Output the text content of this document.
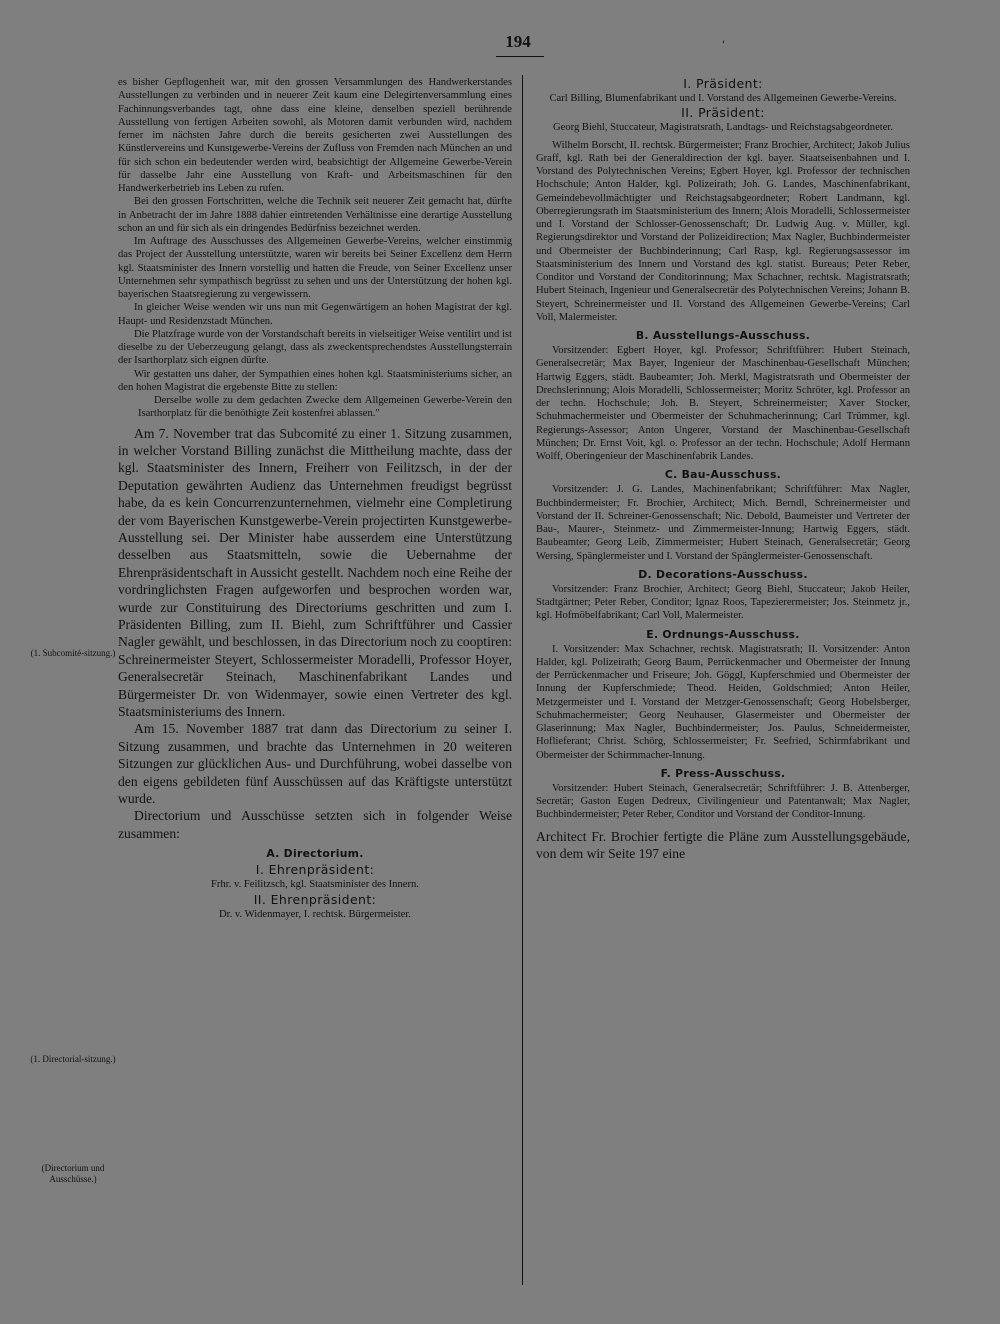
194	'
(1. Subcomité-sitzung.)
(1. Directorial-sitzung.)
(Directorium und Ausschüsse.)

es bisher Gepflogenheit war, mit den grossen Versammlungen des Handwerkerstandes Ausstellungen zu verbinden und in neuerer Zeit kaum eine Delegirtenversammlung eines Fachinnungsverbandes tagt, ohne dass eine kleine, denselben speziell berührende Ausstellung von fertigen Arbeiten sowohl, als Motoren damit verbunden wird, nachdem ferner im nächsten Jahre durch die bereits gesicherten zwei Ausstellungen des Künstlervereins und Kunstgewerbe-Vereins der Zufluss von Fremden nach München an und für sich schon ein bedeutender werden wird, beabsichtigt der Allgemeine Gewerbe-Verein für dasselbe Jahr eine Ausstellung von Kraft- und Arbeitsmaschinen für den Handwerkerbetrieb ins Leben zu rufen.

Bei den grossen Fortschritten, welche die Technik seit neuerer Zeit gemacht hat, dürfte in Anbetracht der im Jahre 1888 dahier eintretenden Verhältnisse eine derartige Ausstellung schon an und für sich als ein dringendes Bedürfniss bezeichnet werden.

Im Auftrage des Ausschusses des Allgemeinen Gewerbe-Vereins, welcher einstimmig das Project der Ausstellung unterstützte, waren wir bereits bei Seiner Excellenz dem Herrn kgl. Staatsminister des Innern vorstellig und hatten die Freude, von Seiner Excellenz unser Unternehmen sehr sympathisch begrüsst zu sehen und uns der Unterstützung der hohen kgl. bayerischen Staatsregierung zu vergewissern.

In gleicher Weise wenden wir uns nun mit Gegenwärtigem an hohen Magistrat der kgl. Haupt- und Residenzstadt München.

Die Platzfrage wurde von der Vorstandschaft bereits in vielseitiger Weise ventilirt und ist dieselbe zu der Ueberzeugung gelangt, dass als zweckentsprechendstes Ausstellungsterrain der Isarthorplatz sich eignen dürfte.

Wir gestatten uns daher, der Sympathien eines hohen kgl. Staatsministeriums sicher, an den hohen Magistrat die ergebenste Bitte zu stellen:

Derselbe wolle zu dem gedachten Zwecke dem Allgemeinen Gewerbe-Verein den Isarthorplatz für die benöthigte Zeit kostenfrei ablassen."

Am 7. November trat das Subcomité zu einer 1. Sitzung zusammen, in welcher Vorstand Billing zunächst die Mittheilung machte, dass der kgl. Staatsminister des Innern, Freiherr von Feilitzsch, in der der Deputation gewährten Audienz das Unternehmen freudigst begrüsst habe, da es kein Concurrenzunternehmen, vielmehr eine Completirung der vom Bayerischen Kunstgewerbe-Verein projectirten Kunstgewerbe-Ausstellung sei. Der Minister habe ausserdem eine Unterstützung desselben aus Staatsmitteln, sowie die Uebernahme der Ehrenpräsidentschaft in Aussicht gestellt. Nachdem noch eine Reihe der vordringlichsten Fragen aufgeworfen und besprochen worden war, wurde zur Constituirung des Directoriums geschritten und zum I. Präsidenten Billing, zum II. Biehl, zum Schriftführer und Cassier Nagler gewählt, und beschlossen, in das Directorium noch zu cooptiren: Schreinermeister Steyert, Schlossermeister Moradelli, Professor Hoyer, Generalsecretär Steinach, Maschinenfabrikant Landes und Bürgermeister Dr. von Widenmayer, sowie einen Vertreter des kgl. Staatsministeriums des Innern.

Am 15. November 1887 trat dann das Directorium zu seiner I. Sitzung zusammen, und brachte das Unternehmen in 20 weiteren Sitzungen zur glücklichen Aus- und Durchführung, wobei dasselbe von den eigens gebildeten fünf Ausschüssen auf das Kräftigste unterstützt wurde.

Directorium und Ausschüsse setzten sich in folgender Weise zusammen:

A. Directorium.
I. Ehrenpräsident:

Frhr. v. Feilitzsch, kgl. Staatsminister des Innern.

II. Ehrenpräsident:

Dr. v. Widenmayer, I. rechtsk. Bürgermeister.

I. Präsident:

Carl Billing, Blumenfabrikant und I. Vorstand des Allgemeinen Gewerbe-Vereins.

II. Präsident:

Georg Biehl, Stuccateur, Magistratsrath, Landtags- und Reichstagsabgeordneter.

Wilhelm Borscht, II. rechtsk. Bürgermeister; Franz Brochier, Architect; Jakob Julius Graff, kgl. Rath bei der Generaldirection der kgl. bayer. Staatseisenbahnen und I. Vorstand des Polytechnischen Vereins; Egbert Hoyer, kgl. Professor der technischen Hochschule; Anton Halder, kgl. Polizeirath; Joh. G. Landes, Maschinenfabrikant, Gemeindebevollmächtigter und Reichstagsabgeordneter; Robert Landmann, kgl. Oberregierungsrath im Staatsministerium des Innern; Alois Moradelli, Schlossermeister und I. Vorstand der Schlosser-Genossenschaft; Dr. Ludwig Aug. v. Müller, kgl. Regierungsdirektor und Vorstand der Polizeidirection; Max Nagler, Buchbindermeister und Obermeister der Buchbinderinnung; Carl Rasp, kgl. Regierungsassessor im Staatsministerium des Innern und Vorstand des kgl. statist. Bureaus; Peter Reber, Conditor und Vorstand der Conditorinnung; Max Schachner, rechtsk. Magistratsrath; Hubert Steinach, Ingenieur und Generalsecretär des Polytechnischen Vereins; Johann B. Steyert, Schreinermeister und II. Vorstand des Allgemeinen Gewerbe-Vereins; Carl Voll, Malermeister.

B. Ausstellungs-Ausschuss.

Vorsitzender: Egbert Hoyer, kgl. Professor; Schriftführer: Hubert Steinach, Generalsecretär; Max Bayer, Ingenieur der Maschinenbau-Gesellschaft München; Hartwig Eggers, städt. Baubeamter; Joh. Merkl, Magistratsrath und Obermeister der Drechslerinnung; Alois Moradelli, Schlossermeister; Moritz Schröter, kgl. Professor an der techn. Hochschule; Joh. B. Steyert, Schreinermeister; Xaver Stocker, Schuhmachermeister und Obermeister der Schuhmacherinnung; Carl Trümmer, kgl. Regierungs-Assessor; Anton Ungerer, Vorstand der Maschinenbau-Gesellschaft München; Dr. Ernst Voit, kgl. o. Professor an der techn. Hochschule; Adolf Hermann Wolff, Oberingenieur der Maschinenfabrik Landes.

C. Bau-Ausschuss.

Vorsitzender: J. G. Landes, Machinenfabrikant; Schriftführer: Max Nagler, Buchbindermeister; Fr. Brochier, Architect; Mich. Berndl, Schreinermeister und Vorstand der II. Schreiner-Genossenschaft; Nic. Debold, Baumeister und Vertreter der Bau-, Maurer-, Steinmetz- und Zimmermeister-Innung; Hartwig Eggers, städt. Baubeamter; Georg Leib, Zimmermeister; Hubert Steinach, Generalsecretär; Georg Wersing, Spänglermeister und I. Vorstand der Spänglermeister-Genossenschaft.

D. Decorations-Ausschuss.

Vorsitzender: Franz Brochier, Architect; Georg Biehl, Stuccateur; Jakob Heiler, Stadtgärtner; Peter Reber, Conditor; Ignaz Roos, Tapezierermeister; Jos. Steinmetz jr., kgl. Hofmöbelfabrikant; Carl Voll, Malermeister.

E. Ordnungs-Ausschuss.

I. Vorsitzender: Max Schachner, rechtsk. Magistratsrath; II. Vorsitzender: Anton Halder, kgl. Polizeirath; Georg Baum, Perrückenmacher und Obermeister der Innung der Perrückenmacher und Friseure; Joh. Göggl, Kupferschmied und Obermeister der Innung der Kupferschmiede; Theod. Heiden, Goldschmied; Anton Heiler, Metzgermeister und I. Vorstand der Metzger-Genossenschaft; Georg Hobelsberger, Schuhmachermeister; Georg Neuhauser, Glasermeister und Obermeister der Glaserinnung; Max Nagler, Buchbindermeister; Jos. Paulus, Schneidermeister, Hoflieferant; Christ. Schörg, Schlossermeister; Fr. Seefried, Schirmfabrikant und Obermeister der Schirmmacher-Innung.

F. Press-Ausschuss.

Vorsitzender: Hubert Steinach, Generalsecretär; Schriftführer: J. B. Attenberger, Secretär; Gaston Eugen Dedreux, Civilingenieur und Patentanwalt; Max Nagler, Buchbindermeister; Peter Reber, Conditor und Vorstand der Conditor-Innung.

Architect Fr. Brochier fertigte die Pläne zum Ausstellungsgebäude, von dem wir Seite 197 eine
